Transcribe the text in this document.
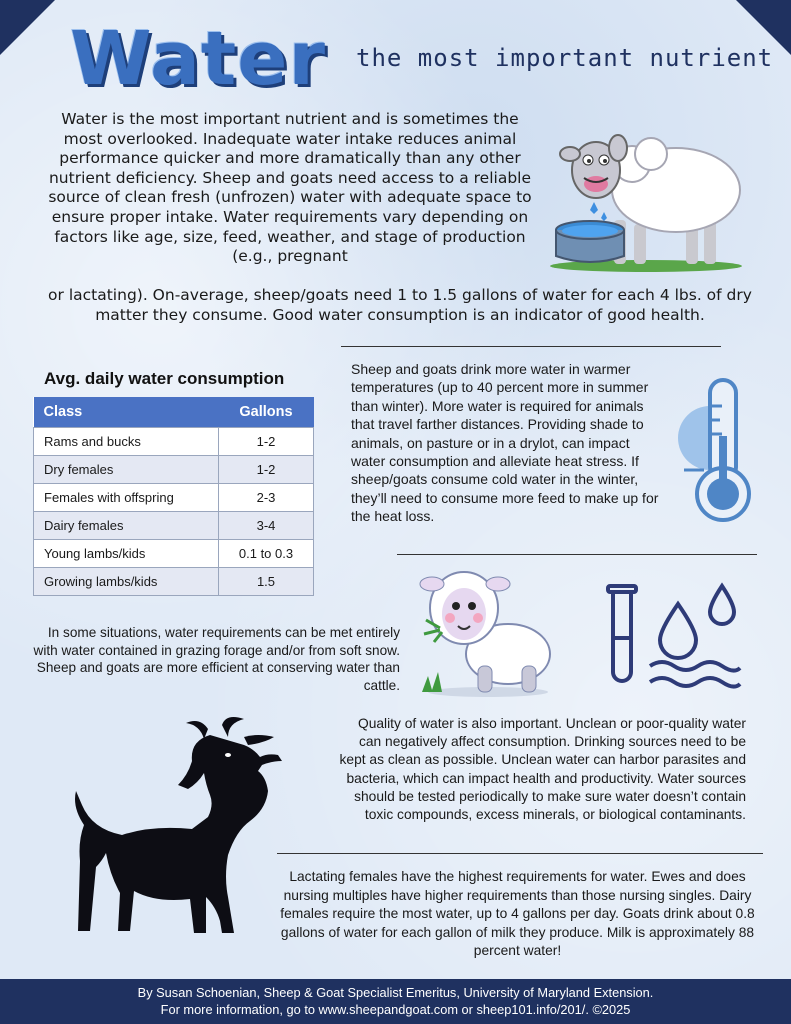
Water the most important nutrient

Water is the most important nutrient and is sometimes the most overlooked. Inadequate water intake reduces animal performance quicker and more dramatically than any other nutrient deficiency. Sheep and goats need access to a reliable source of clean fresh (unfrozen) water with adequate space to ensure proper intake. Water requirements vary depending on factors like age, size, feed, weather, and stage of production (e.g., pregnant

or lactating). On-average, sheep/goats need 1 to 1.5 gallons of water for each 4 lbs. of dry matter they consume. Good water consumption is an indicator of good health.

Avg. daily water consumption
Class	Gallons
Rams and bucks	1-2
Dry females	1-2
Females with offspring	2-3
Dairy females	3-4
Young lambs/kids	0.1 to 0.3
Growing lambs/kids	1.5

Sheep and goats drink more water in warmer temperatures (up to 40 percent more in summer than winter). More water is required for animals that travel farther distances. Providing shade to animals, on pasture or in a drylot, can impact water consumption and alleviate heat stress. If sheep/goats consume cold water in the winter, they’ll need to consume more feed to make up for the heat loss.

In some situations, water requirements can be met entirely with water contained in grazing forage and/or from soft snow. Sheep and goats are more efficient at conserving water than cattle.

Quality of water is also important. Unclean or poor-quality water can negatively affect consumption. Drinking sources need to be kept as clean as possible. Unclean water can harbor parasites and bacteria, which can impact health and productivity. Water sources should be tested periodically to make sure water doesn’t contain toxic compounds, excess minerals, or biological contaminants.

Lactating females have the highest requirements for water. Ewes and does nursing multiples have higher requirements than those nursing singles. Dairy females require the most water, up to 4 gallons per day. Goats drink about 0.8 gallons of water for each gallon of milk they produce. Milk is approximately 88 percent water!

By Susan Schoenian, Sheep & Goat Specialist Emeritus, University of Maryland Extension.
For more information, go to www.sheepandgoat.com or sheep101.info/201/. ©2025
